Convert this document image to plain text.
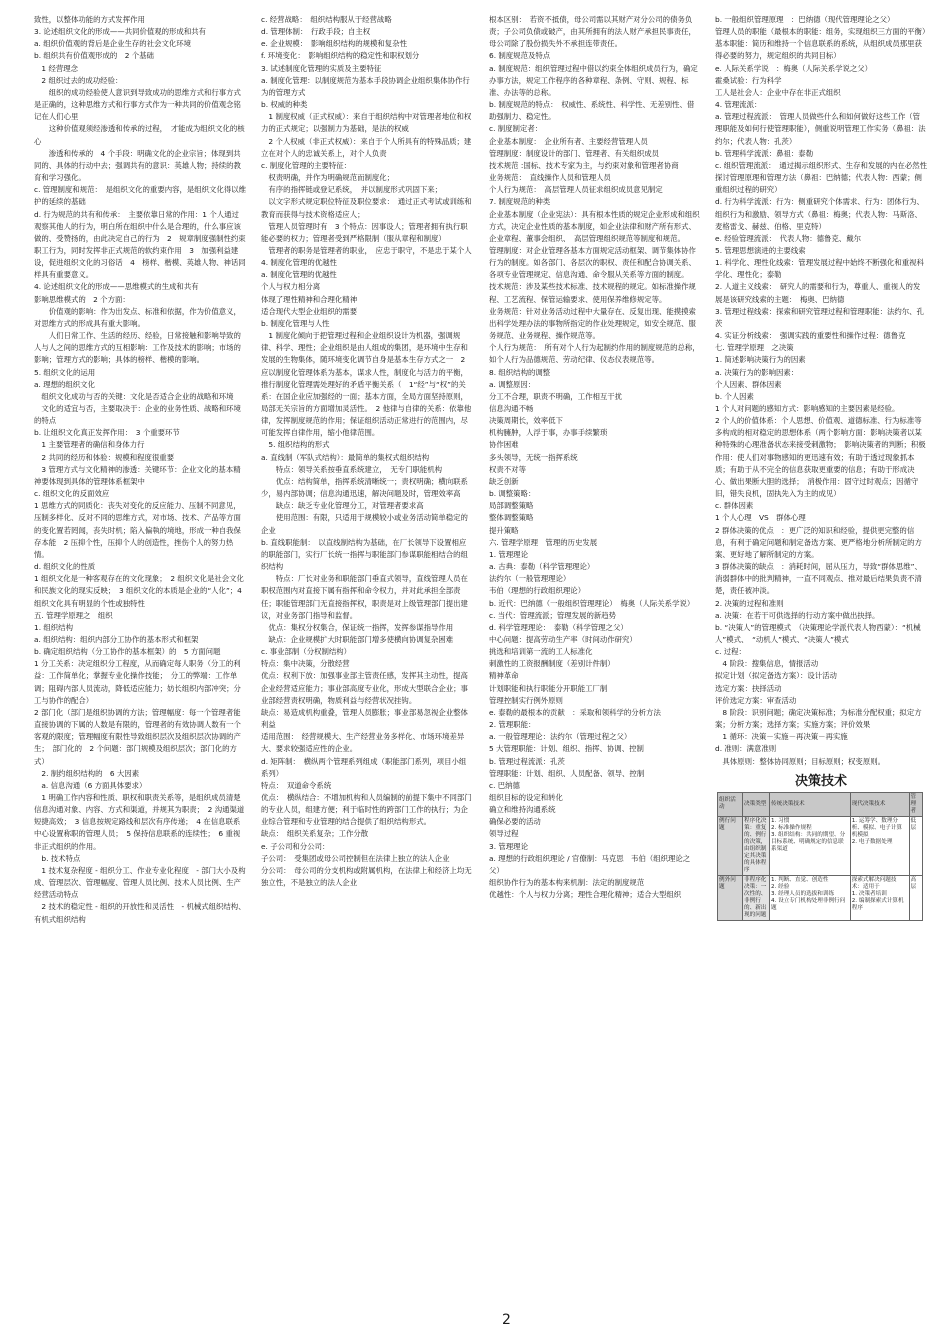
致性，以整体功能的方式发挥作用
3. 论述组织文化的形成——共同价值观的形成和共有
a. 组织价值观的背后是企业生存的社会文化环境
b. 组织共有价值观形成的　2 个基础
　1 经营理念
　2 组织过去的成功经验：
　　组织的成功经验使人意识到导致成功的思维方式和行事方式是正确的，这种思维方式和行事方式作为一种共同的价值观念铭记在人们心里
　　这种价值观须经渗透和传承的过程，　才能成为组织文化的核心
　　渗透和传承的　4 个手段：明确文化的企业宗旨；体现到共同的、具体的行动中去；强调共有的意识：英雄人物；持续的教育和学习强化。
c. 管理制度和规范：　是组织文化的重要内容，是组织文化得以维护的延续的基础
d. 行为规范的共有和传承：　主要依靠日常的作用：1 个人通过观察其他人的行为，明白所在组织中什么是合理的，什么事应该做的、受赞扬的，由此决定自己的行为　2　规章制度强制性约束职工行为，同时发挥非正式规范的软约束作用　3　加强利益建设，促进组织文化的习俗话　4　榜样、楷模、英雄人物、神话同样具有重要意义。
4. 论述组织文化的形成——思维模式的生成和共有
影响思维模式的　2 个方面：
　　价值观的影响：作为出发点、标准和依据，作为价值意义，对思维方式的形成具有重大影响。
　　人们日常工作、生活的经历、经验，日常接触和影响导致的人与人之间的思维方式的互相影响：工作及技术的影响；市场的影响；管理方式的影响；具体的榜样、楷模的影响。
5. 组织文化的运用
a. 理想的组织文化
　组织文化成功与否的关键：文化是否适合企业的战略和环境
　文化的适宜与否，主要取决于：企业的业务性质、战略和环境的特点
b. 让组织文化真正发挥作用：　3 个重要环节
　1 主要管理者的确信和身体力行
　2 共同的经历和体验：规模和程度很重要
　3 管理方式与文化精神的渗透：关键环节：企业文化的基本精神要体现到具体的管理体系框架中
c. 组织文化的反面效应
1 思维方式的同质化：丧失对变化的反应能力、压制不同意见，压制多样化、反对不同的思维方式，对市场、技术、产品等方面的变化置若罔闻，丧失时机；陷入偏執的境地，形成一种自我保存本能　2 压抑个性，压抑个人的创造性，挫伤个人的努力热情。
d. 组织文化的性质
1 组织文化是一种客观存在的文化现象；　2 组织文化是社会文化和民族文化的现实反映；　3 组织文化的本质是企业的“人化”；4 组织文化具有明显的个性或独特性
五. 管理学原理之　组织
1. 组织结构
a. 组织结构：组织内部分工协作的基本形式和框架
b. 确定组织结构（分工协作的基本框架）的　5 方面问题
1 分工关系：决定组织分工程度，从而确定每人职务（分工的利益：工作简单化；掌握专业化操作技能；　分工的弊端：工作单调；阻碍内部人员流动，降低适应能力；妨长组织内部冲突；分工与协作的配合）
2 部门化（部门是组织协调的方法；管理幅度：每一个管理者能直接协调的下属的人数是有限的，管理者的有效协调人数有一个客观的限度；管理幅度有限性导致组织层次及组织层次协调的产生；　部门化的　2 个问题：部门规模及组织层次；部门化的方式）
　2. 制约组织结构的　6 大因素
　a. 信息沟通（6 方面具体要求）
　1 明确工作内容和性质、职权和职责关系等，是组织成员清楚信息沟通对象、内容、方式和渠道，并规其为职责；　2 沟通渠道短捷高效；　3 信息按规定路线和层次有序传递；　4 在信息联系中心设置称职的管理人员；　5 保持信息联系的连续性；　6 重视非正式组织的作用。
　b. 技术特点
　1 技术复杂程度 - 组织分工、作业专业化程度　- 部门大小及构成、管理层次、管理幅度、管理人员比例、技术人员比例、生产经营活动特点
　2 技术的稳定性 - 组织的开放性和灵活性　- 机械式组织结构、有机式组织结构
c. 经营战略：　组织结构服从于经营战略
d. 管理体制：　行政手段；自主权
e. 企业规模：　影响组织结构的规模和复杂性
f. 环境变化：　影响组织结构的稳定性和职权划分
3. 试述制度化管理的实质及主要特征
a. 制度化管理：以制度规范为基本手段协调企业组织集体协作行为的管理方式
b. 权威的种类
　1 制度权威（正式权威）：来自于组织结构中对管理者地位和权力的正式规定；以强制力为基础，是法的权威
　2 个人权威（非正式权威）：来自于个人所具有的特殊品质；建立在对个人的忠诚关系上，对个人负责
c. 制度化管理的主要特征：
　权责明确，并作为明确规范而制度化；
　有序的指挥链或登记系统，　并以制度形式巩固下来；
　以文字形式规定职位特征及职位要求：　通过正式考试或训练和教育而获得与技术资格适应人；
　管理人员管理时有　3 个特点：因事设人；管理者拥有执行职能必要的权力；管理者受到严格限制（服从章程和制度）
　管理者的职务是管理者的职业，　应忠于职守，不是忠于某个人
4. 制度化管理的优越性
a. 制度化管理的优越性
个人与权力相分离
体现了理性精神和合理化精神
适合现代大型企业组织的需要
b. 制度化管理与人性
　1 制度化倾向于把管理过程和企业组织设计为机器，强调规律、科学、理性；企业组织是由人组成的集团，是环境中生存和发展的生物集体，随环境变化调节自身是基本生存方式之一　2 应以制度化管理体系为基本，谋求人性，制度化与活力的平衡，推行制度化管理需处理好的矛盾平衡关系（　1“经”与“权”的关系：在国企业应加强经的一面；基本方面，全局方面坚持原则，　局部无关宗旨的方面增加灵活性。　2 他律与自律的关系：依靠他律，发挥制度规范的作用；保证组织活动正常进行的范围内，尽可能发挥自律作用，缩小他律范围。
　5. 组织结构的形式
a. 直线制（军队式结构）：最简单的集权式组织结构
　　特点：领导关系按垂直系统建立，　无专门职能机构
　　优点：结构简单，指挥系统清晰统一；责权明确；横向联系少，易内部协调；信息沟通迅速，解决问题及时，管理效率高
　　缺点：缺乏专业化管理分工，对管理者要求高
　　使用范围：有限，只适用于规模较小或业务活动简单稳定的企业
b. 直线职能制：　以直线制结构为基础，在厂长领导下设置相应的职能部门，实行厂长统一指挥与职能部门参谋职能相结合的组织结构
　　特点：厂长对业务和职能部门垂直式领导，直线管理人员在职权范围内对直接下属有指挥和命令权力，并对此承担全部责任；职能管理部门无直接指挥权，职责是对上级管理部门提出建议，对业务部门指导和监督。
　优点：集权分权集合，保证统一指挥，发挥参谋指导作用
　缺点：企业规模扩大时职能部门增多使横向协调复杂困难
c. 事业部制（分权制结构）
特点：集中决策，分散经营
优点：权利下放：加强事业部主管责任感，发挥其主动性，提高企业经营适应能力；事业部高度专业化，形成大型联合企业；事业部经营责权明确，物质利益与经营状况挂钩。
缺点：易造成机构重叠，管理人员膨胀；事业部易忽视企业整体利益
适用范围：　经营规模大、生产经营业务多样化、市场环境差异大、要求较强适应性的企业。
d. 矩阵制：　横纵两个管理系列组成（职能部门系列，项目小组系列）
特点：　双道命令系统
优点：　横纵结合：不增加机构和人员编制的前提下集中不同部门的专业人员，组建方便；利于临时性的跨部门工作的执行；为企业综合管理和专业管理的结合提供了组织结构形式。
缺点：　组织关系复杂；工作分散
e. 子公司和分公司：
子公司：　受集团或母公司控制但在法律上独立的法人企业
分公司：　母公司的分支机构或附属机构，在法律上和经济上均无独立性，不是独立的法人企业
根本区别：　若资不抵债，母公司需以其财产对分公司的债务负责；子公司负债或破产，由其所拥有的法人财产承担民事责任，母公司除了股份损失外不承担连带责任。
6. 制度规范及特点
a. 制度规范：组织管理过程中借以约束全体组织成员行为，确定办事方法，规定工作程序的各种章程、条例、守则、规程、标准、办法等的总称。
b. 制度规范的特点：　权威性、系统性、科学性、无差别性、借助强制力、稳定性。
c. 制度制定者：
企业基本制度：　企业所有者、主要经营管理人员
管理制度：制度设计的部门、管理者、有关组织成员
技术规范 :国标、技术专家为主，与约束对象和管理者协商
业务规范：　直线操作人员和管理人员
个人行为规范：　高层管理人员征求组织成员意见制定
7. 制度规范的种类
企业基本制度（企业宪法）：具有根本性质的规定企业形成和组织方式，决定企业性质的基本制度，如企业法律和财产所有形式、　企业章程、董事会组织、　高层管理组织规范等制度和规范。
管理制度：对企业管理各基本方面规定活动框架、调节集体协作行为的制度。如各部门、各层次的职权、责任和配合协调关系、各项专业管理规定、信息沟通、命令服从关系等方面的制度。
技术规范：涉及某些技术标准、技术规程的规定。如标准操作规程、工艺流程、保管运输要求、使用保养维修规定等。
业务规范：针对业务活动过程中大量存在、反复出现、能摸摸索出科学处理办法的事物所指定的作业处理规定，如安全规范、服务规范、业务规程、操作规范等。
个人行为规范：　所有对个人行为起制约作用的制度规范的总称，如个人行为品德规范、劳动纪律、仪态仪表规范等。
8. 组织结构的调整
a. 调整原因：
分工不合理，职责不明确，工作相互干扰
信息沟通不畅
决策周期长，效率低下
机构臃肿，人浮于事，办事手续繁琐
协作困难
多头领导，无统一指挥系统
权责不对等
缺乏创新
b. 调整策略：
局部调整策略
整体调整策略
提升策略
六. 管理学原理　管理的历史发展
1. 管理理论
a. 古典：泰勒（科学管理理论）
法约尔（一般管理理论）
韦伯（理想的行政组织理论）
b. 近代：巴纳德（一般组织管理理论）　梅奥（人际关系学说）
c. 当代：管理流派；管理发展的新趋势
d. 科学管理理论：　泰勒（科学管理之父）
中心问题：提高劳动生产率（时间动作研究）
挑选和培训第一流的工人标准化
刺激性的工资报酬制度（差别计件制）
精神革命
计划职能和执行职能分开职能工厂制
管理控制实行例外原则
e. 泰勒的最根本的贡献　：采取和领科学的分析方法
2. 管理职能：
a. 一般管理理论：法约尔（管理过程之父）
5 大管理职能：计划、组织、指挥、协调、控制
b. 管理过程流派：孔茨
管理职能：计划、组织、人员配备、领导、控制
c. 巴纳德
组织目标的设定和转化
确立和维持沟通系统
确保必要的活动
领导过程
3. 管理理论
a. 理想的行政组织理论 / 官僚制：马克思　韦伯（组织理论之父）
组织协作行为的基本构来机制：法定的制度规范
优越性：个人与权力分离；理性合理化精神；适合大型组织
b. 一般组织管理原理　：巴纳德（现代管理理论之父）
管理人员的职能（最根本的职能：组务，实现组织三方面的平衡）基本职能：简历和维持一个信息联系的系统，从组织成员那里获得必要的努力，规定组织的共同目标）
e. 人际关系学说　：梅奥（人际关系学说之父）
霍桑试验：行为科学
工人是社会人：企业中存在非正式组织
4. 管理流派：
a. 管理过程流派：　管理人员做些什么和如何做好这些工作（管理职能及如何行使管理职能），侧重说明管理工作实务（鼻祖：法约尔；代表人物：孔茨）
b. 管理科学流派：鼻祖：泰勒
c. 组织管理流派：　通过揭示组织形式、生存和发展的内在必然性探讨管理原理和管理方法（鼻祖：巴纳德；代表人物：西蒙；侧重组织过程的研究）
d. 行为科学流派：行为：侧重研究个体需求、行为：团体行为、组织行为和激励、领导方式（鼻祖：梅奥；代表人物：马斯洛、麦格雷戈、赫兹、伯格、里克特）
e. 经验管理流派：　代表人物：德鲁克、戴尔
5. 管理思想演进的主要线索
1. 科学化、理性化线索：管理发展过程中始终不断强化和重视科学化、理性化；泰勒
2. 人道主义线索：　研究人的需要和行为，尊重人、重视人的发展是该研究线索的主题：　梅奥、巴纳德
3. 管理过程线索：探索和研究管理过程和管理职能：法约尔、孔茨
4. 实证分析线索：　强调实践的重要性和操作过程：德鲁克
七. 管理学原理　之决策
1. 简述影响决策行为的因素
a. 决策行为的影响因素：
个人因素、群体因素
b. 个人因素
1 个人对问题的感知方式：影响感知的主要因素是经验。
2 个人的价值体系：个人思想、价值观、道德标准、行为标准等多构成的相对稳定的思想体系（两个影响方面：影响决策者以某种特殊的心理准备状态来接受刺激物；　影响决策者的判断；积极作用：使人们对事物感知的更迅速有效；有助于透过现象抓本质；有助于从不完全的信息获取更重要的信息；有助于形成决心、做出果断大胆的选择；　消极作用：固守过时观点；因循守旧，错失良机，固执先入为主的成见）
c. 群体因素
1 个人心理　VS　群体心理
2 群体决策的优点　：更广泛的知识和经验，提供更完整的信息，有利于确定问题和制定备选方案、更严格地分析所制定的方案、更好地了解所制定的方案。
3 群体决策的缺点　：消耗时间，屈从压力，导致“群体思维”、消弱群体中的批判精神，一直不同观点、推对最后结果负责不清楚，责任被冲淡。
2. 决策的过程和准则
a. 决策：在若干可供选择的行动方案中做出抉择。
b. “决策人”的管理模式　（决策理论学派代表人物西蒙）：“机械人”模式、　“动机人”模式、“决策人”模式
c. 过程：
　4 阶段：搜集信息，情报活动
拟定计划（拟定备选方案）：设计活动
选定方案：抉择活动
评价选定方案：审查活动
　8 阶段：识别问题；确定决策标准；为标准分配权重；拟定方案；分析方案；选择方案；实施方案；评价效果
　1 循环：决策－实施－再决策－再实施
d. 准则：满意准则
　具体原则：整体协同原则；目标原则；权变原则。
决策技术
组织活动	决策类型	传统决策技术	现代决策技术	管理者
例行问题	程序化决策：重复的、例行的决策，由组织制定其决策的具体程序	1. 习惯
2. 标准操作规程
3. 组织结构：共同的期望、分目标系统、明确规定的信息联系渠道	1. 运筹学、数理分析、模拟、电子计算机模拟
2. 电子数据处理	低层
例外问题	非程序化决策：一次性的、非例行的、新出现的问题	1. 判断、直觉、创造性
2. 经验
3. 经理人员的选拔和训练
4. 设立专门机构处理非例行问题	探索式解决问题技术：适用于
1. 决策者培训
2. 编制探索式计算机程序	高层
2
